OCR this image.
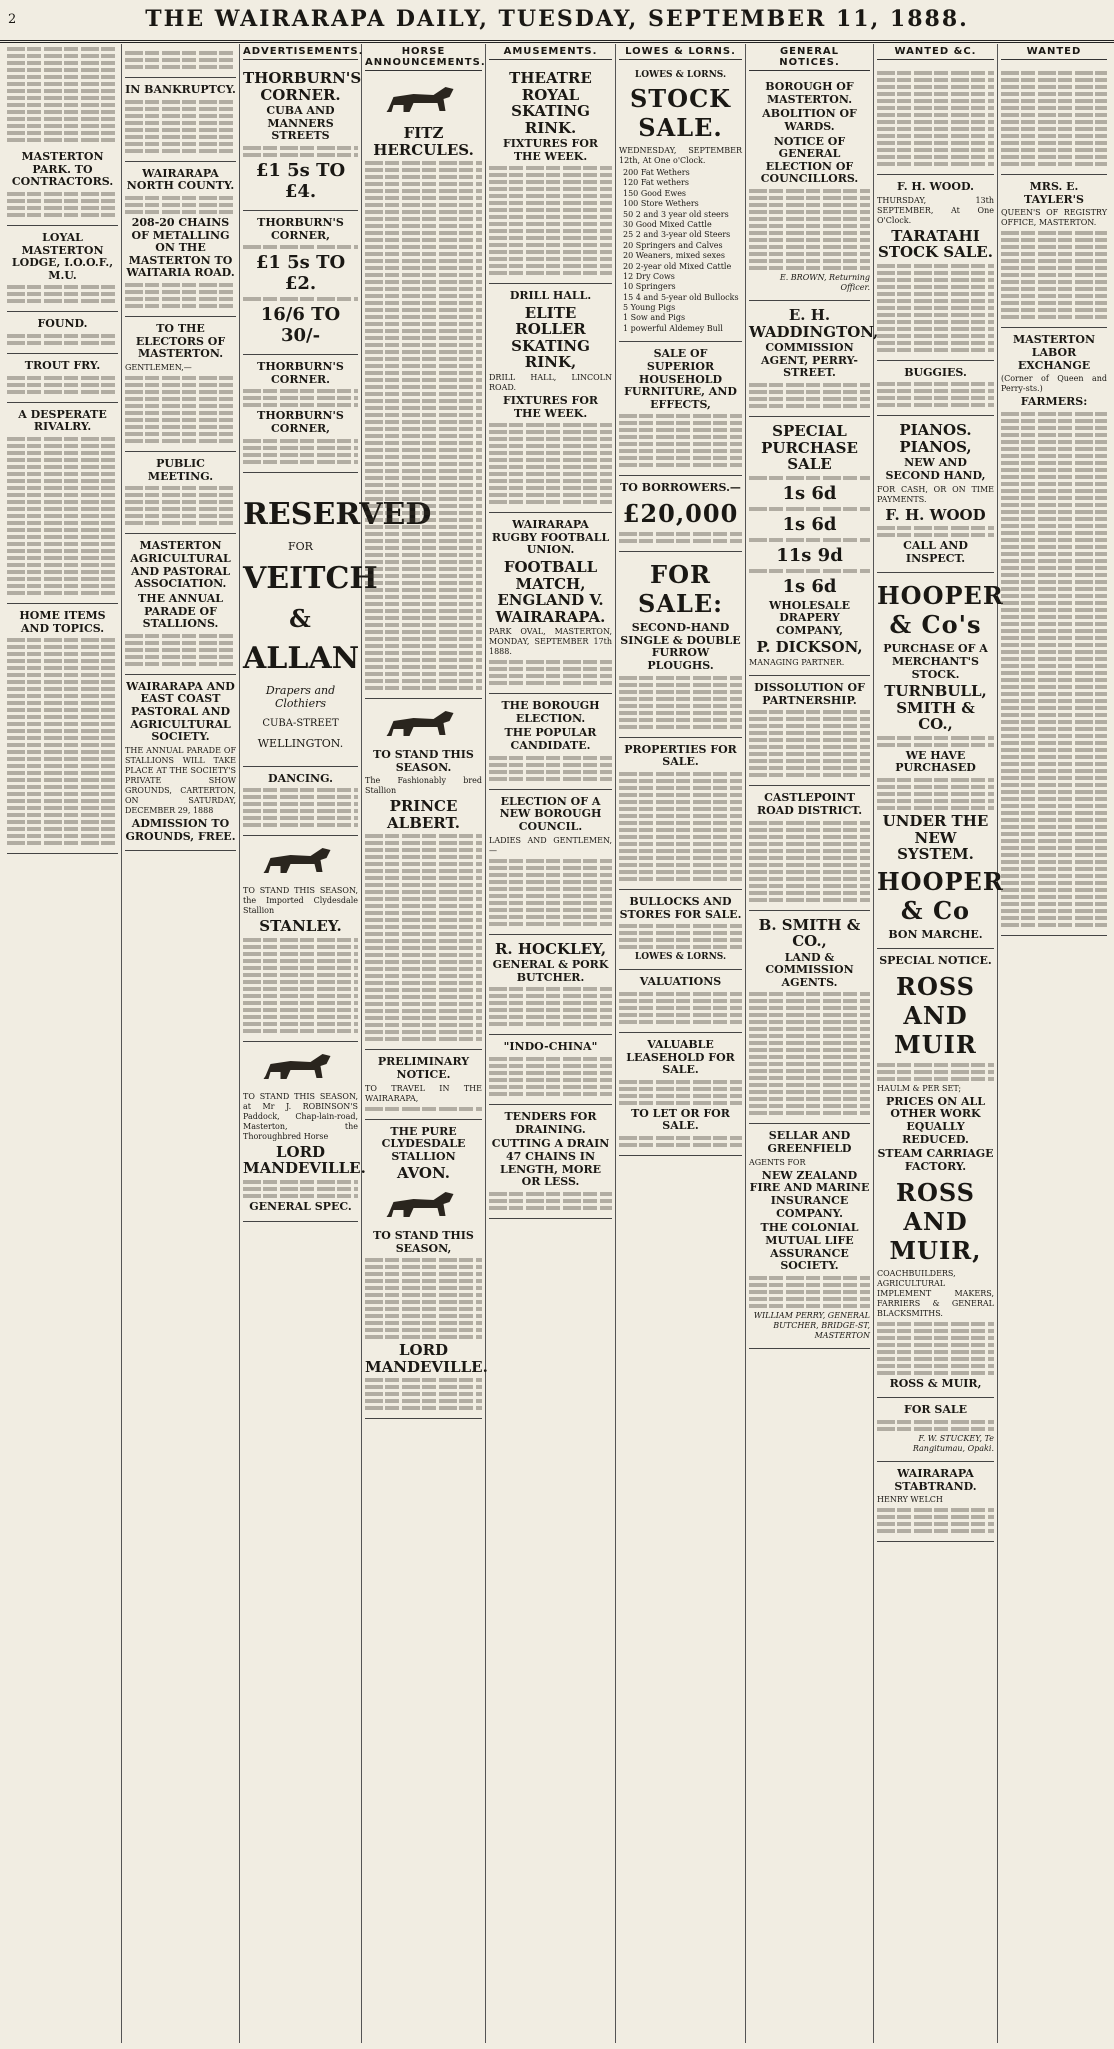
2	THE WAIRARAPA DAILY, TUESDAY, SEPTEMBER 11, 1888.
MASTERTON PARK. TO CONTRACTORS.
LOYAL MASTERTON LODGE, I.O.O.F., M.U.
FOUND.
TROUT FRY.
A DESPERATE RIVALRY.
HOME ITEMS AND TOPICS.
IN BANKRUPTCY.
WAIRARAPA NORTH COUNTY.
208-20 CHAINS OF METALLING ON THE MASTERTON TO WAITARIA ROAD.
TO THE ELECTORS OF MASTERTON.

GENTLEMEN,—

PUBLIC MEETING.
MASTERTON AGRICULTURAL AND PASTORAL ASSOCIATION.
THE ANNUAL PARADE OF STALLIONS.
WAIRARAPA AND EAST COAST PASTORAL AND AGRICULTURAL SOCIETY.

THE ANNUAL PARADE OF STALLIONS WILL TAKE PLACE AT THE SOCIETY'S PRIVATE SHOW GROUNDS, CARTERTON, ON SATURDAY, DECEMBER 29, 1888

ADMISSION TO GROUNDS, FREE.
ADVERTISEMENTS.
THORBURN'S CORNER.
CUBA AND MANNERS STREETS
£1 5s TO £4.
THORBURN'S CORNER,
£1 5s TO £2.
16/6 TO 30/-
THORBURN'S CORNER.
THORBURN'S CORNER,
RESERVED
FOR
VEITCH
&
ALLAN
Drapers and Clothiers
CUBA-STREET
WELLINGTON.
DANCING.

TO STAND THIS SEASON, the Imported Clydesdale Stallion

STANLEY.

TO STAND THIS SEASON, at Mr J. ROBINSON'S Paddock, Chap-lain-road, Masterton, the Thoroughbred Horse

LORD MANDEVILLE.
GENERAL SPEC.
HORSE ANNOUNCEMENTS.
FITZ HERCULES.
TO STAND THIS SEASON.

The Fashionably bred Stallion

PRINCE ALBERT.
PRELIMINARY NOTICE.

TO TRAVEL IN THE WAIRARAPA,

THE PURE CLYDESDALE STALLION
AVON.
TO STAND THIS SEASON,
LORD MANDEVILLE.
AMUSEMENTS.
THEATRE ROYAL SKATING RINK.
FIXTURES FOR THE WEEK.
DRILL HALL.
ELITE ROLLER SKATING RINK,

DRILL HALL, LINCOLN ROAD.

FIXTURES FOR THE WEEK.
WAIRARAPA RUGBY FOOTBALL UNION.
FOOTBALL MATCH, ENGLAND V. WAIRARAPA.

PARK OVAL, MASTERTON, MONDAY, SEPTEMBER 17th 1888.

THE BOROUGH ELECTION.
THE POPULAR CANDIDATE.
ELECTION OF A NEW BOROUGH COUNCIL.

LADIES AND GENTLEMEN,—

R. HOCKLEY,
GENERAL & PORK BUTCHER.
"INDO-CHINA"
TENDERS FOR DRAINING.
CUTTING A DRAIN 47 CHAINS IN LENGTH, MORE OR LESS.
LOWES & LORNS.
LOWES & LORNS.
STOCK SALE.

WEDNESDAY, SEPTEMBER 12th, At One o'Clock.

200 Fat Wethers
120 Fat wethers
150 Good Ewes
100 Store Wethers
50 2 and 3 year old steers
30 Good Mixed Cattle
25 2 and 3-year old Steers
20 Springers and Calves
20 Weaners, mixed sexes
20 2-year old Mixed Cattle
12 Dry Cows
10 Springers
15 4 and 5-year old Bullocks
5 Young Pigs
1 Sow and Pigs
1 powerful Aldemey Bull
SALE OF SUPERIOR HOUSEHOLD FURNITURE, AND EFFECTS,
TO BORROWERS.—
£20,000
FOR SALE:
SECOND-HAND SINGLE & DOUBLE FURROW PLOUGHS.
PROPERTIES FOR SALE.
BULLOCKS AND STORES FOR SALE.
LOWES & LORNS.
VALUATIONS
VALUABLE LEASEHOLD FOR SALE.
TO LET OR FOR SALE.
GENERAL NOTICES.
BOROUGH OF MASTERTON.
ABOLITION OF WARDS.
NOTICE OF GENERAL ELECTION OF COUNCILLORS.

E. BROWN, Returning Officer.

E. H. WADDINGTON,
COMMISSION AGENT, PERRY-STREET.
SPECIAL PURCHASE SALE
1s 6d
1s 6d
11s 9d
1s 6d
WHOLESALE DRAPERY COMPANY,
P. DICKSON,

MANAGING PARTNER.

DISSOLUTION OF PARTNERSHIP.
CASTLEPOINT ROAD DISTRICT.
B. SMITH & CO.,
LAND & COMMISSION AGENTS.
SELLAR AND GREENFIELD

AGENTS FOR

NEW ZEALAND FIRE AND MARINE INSURANCE COMPANY.
THE COLONIAL MUTUAL LIFE ASSURANCE SOCIETY.

WILLIAM PERRY, GENERAL BUTCHER, BRIDGE-ST, MASTERTON

WANTED &C.
F. H. WOOD.

THURSDAY, 13th SEPTEMBER, At One O'Clock.

TARATAHI STOCK SALE.
BUGGIES.
PIANOS. PIANOS,
NEW AND SECOND HAND,

FOR CASH, OR ON TIME PAYMENTS.

F. H. WOOD
CALL AND INSPECT.
HOOPER & Co's
PURCHASE OF A MERCHANT'S STOCK.
TURNBULL, SMITH & CO.,
WE HAVE PURCHASED
UNDER THE NEW SYSTEM.
HOOPER & Co
BON MARCHE.
SPECIAL NOTICE.
ROSS AND MUIR

HAULM & PER SET;

PRICES ON ALL OTHER WORK EQUALLY REDUCED.
STEAM CARRIAGE FACTORY.
ROSS AND MUIR,

COACHBUILDERS, AGRICULTURAL IMPLEMENT MAKERS, FARRIERS & GENERAL BLACKSMITHS.

ROSS & MUIR,
FOR SALE

F. W. STUCKEY, Te Rangitumau, Opaki.

WAIRARAPA STABTRAND.

HENRY WELCH

WANTED
MRS. E. TAYLER'S

QUEEN'S OF REGISTRY OFFICE, MASTERTON.

MASTERTON LABOR EXCHANGE

(Corner of Queen and Perry-sts.)

FARMERS:
